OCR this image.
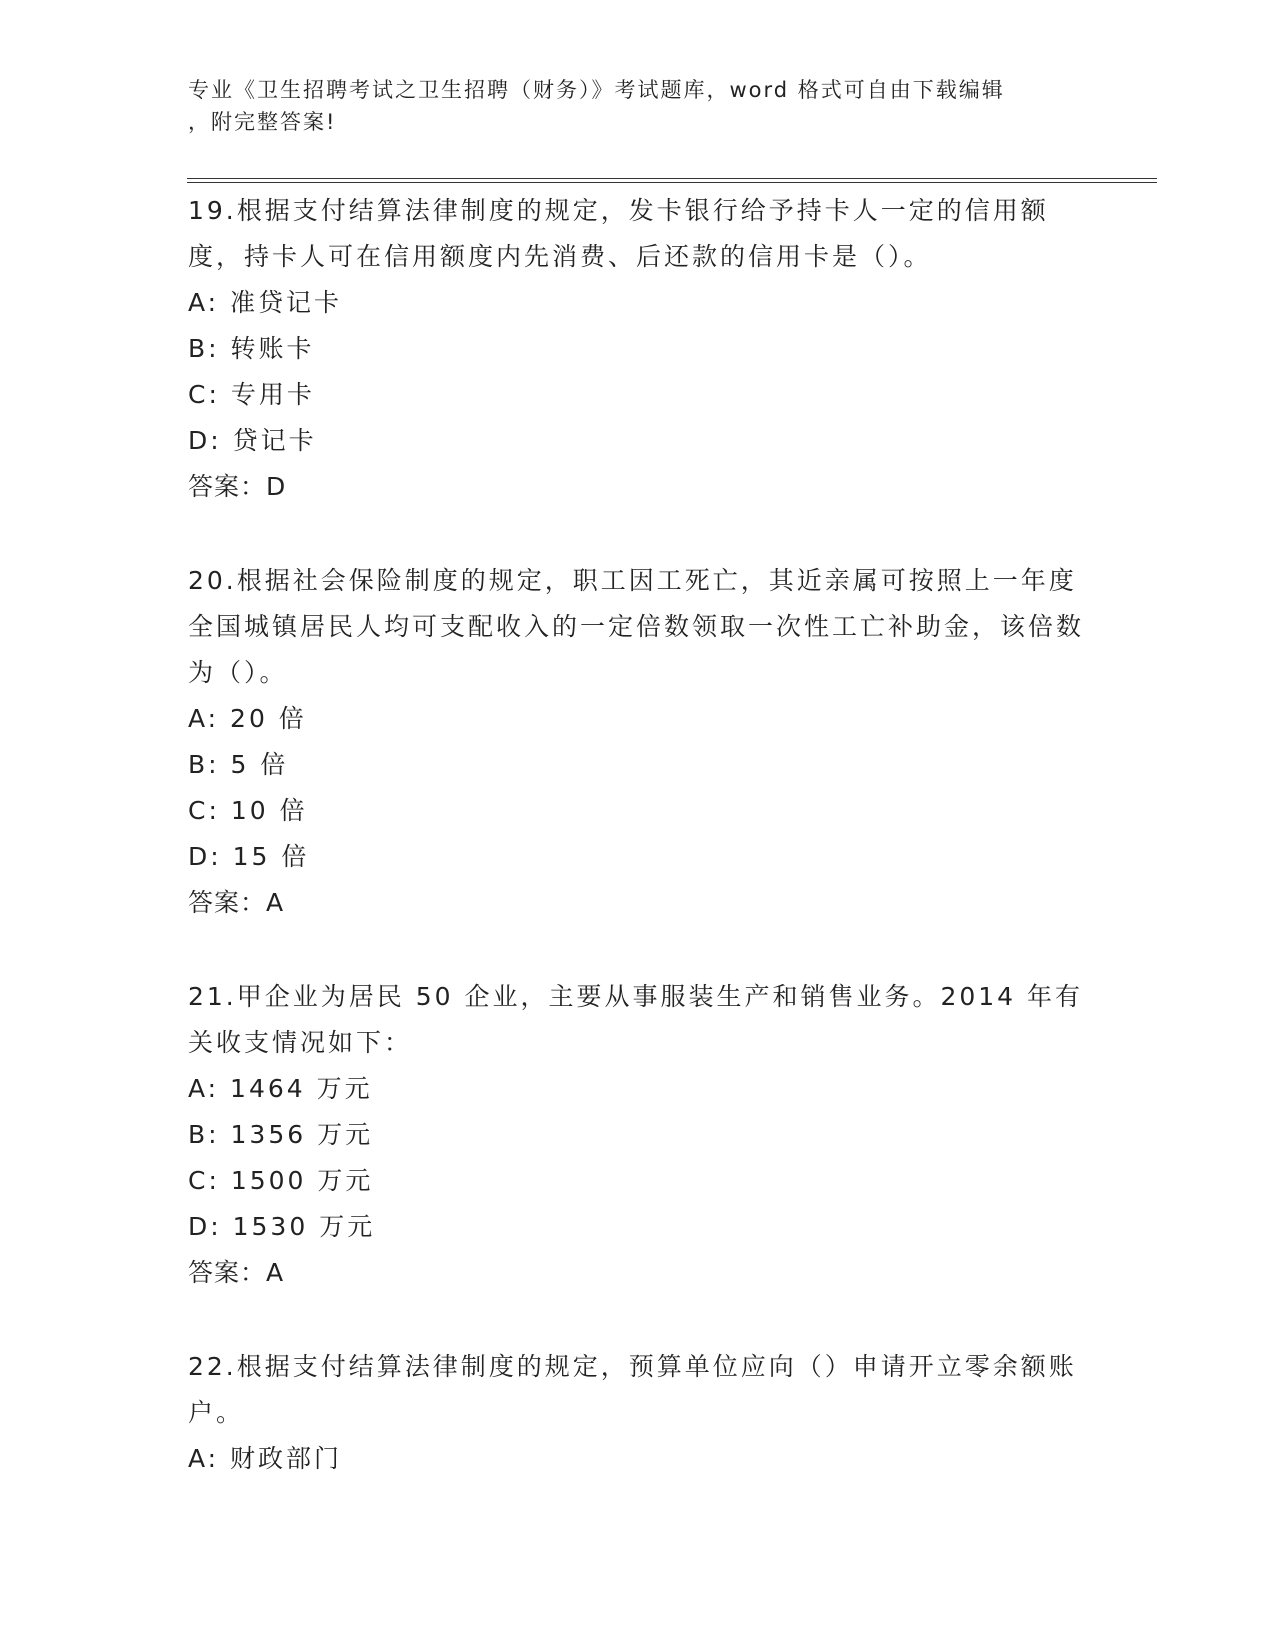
专业《卫生招聘考试之卫生招聘（财务）》考试题库，word 格式可自由下载编辑
，附完整答案!

19.根据支付结算法律制度的规定，发卡银行给予持卡人一定的信用额度，持卡人可在信用额度内先消费、后还款的信用卡是（）。

A: 准贷记卡

B: 转账卡

C: 专用卡

D: 贷记卡

答案：D

20.根据社会保险制度的规定，职工因工死亡，其近亲属可按照上一年度全国城镇居民人均可支配收入的一定倍数领取一次性工亡补助金，该倍数为（）。

A: 20 倍

B: 5 倍

C: 10 倍

D: 15 倍

答案：A

21.甲企业为居民 50 企业，主要从事服装生产和销售业务。2014 年有关收支情况如下：

A: 1464 万元

B: 1356 万元

C: 1500 万元

D: 1530 万元

答案：A

22.根据支付结算法律制度的规定，预算单位应向（）申请开立零余额账户。

A: 财政部门
